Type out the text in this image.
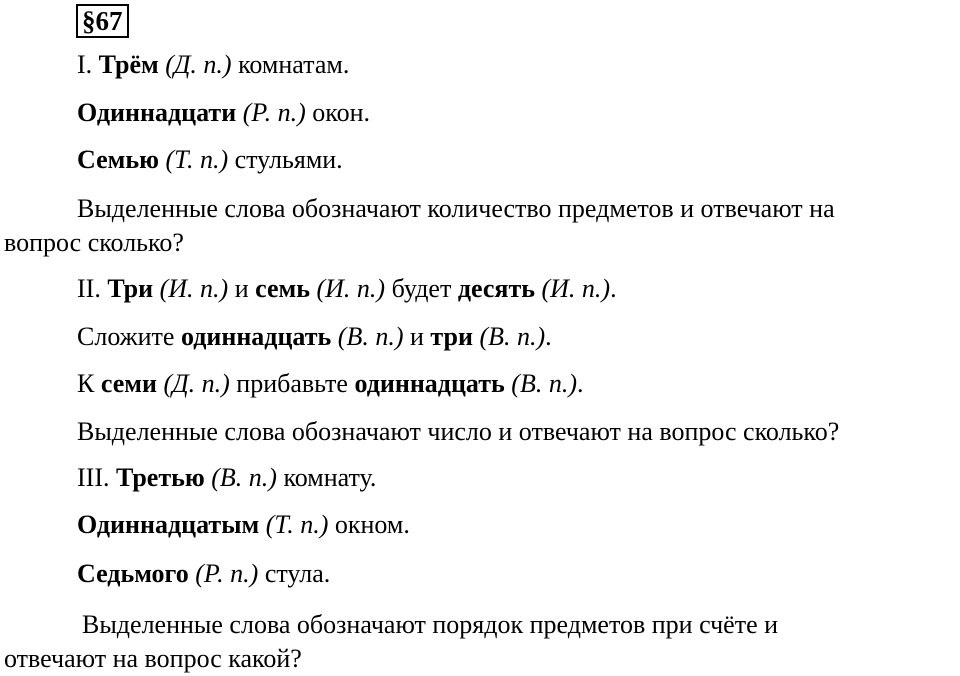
§67
I. Трём (Д. п.) комнатам.
Одиннадцати (Р. п.) окон.
Семью (Т. п.) стульями.
Выделенные слова обозначают количество предметов и отвечают на
вопрос сколько?
II. Три (И. п.) и семь (И. п.) будет десять (И. п.).
Сложите одиннадцать (В. п.) и три (В. п.).
К семи (Д. п.) прибавьте одиннадцать (В. п.).
Выделенные слова обозначают число и отвечают на вопрос сколько?
III. Третью (В. п.) комнату.
Одиннадцатым (Т. п.) окном.
Седьмого (Р. п.) стула.
Выделенные слова обозначают порядок предметов при счёте и
отвечают на вопрос какой?
